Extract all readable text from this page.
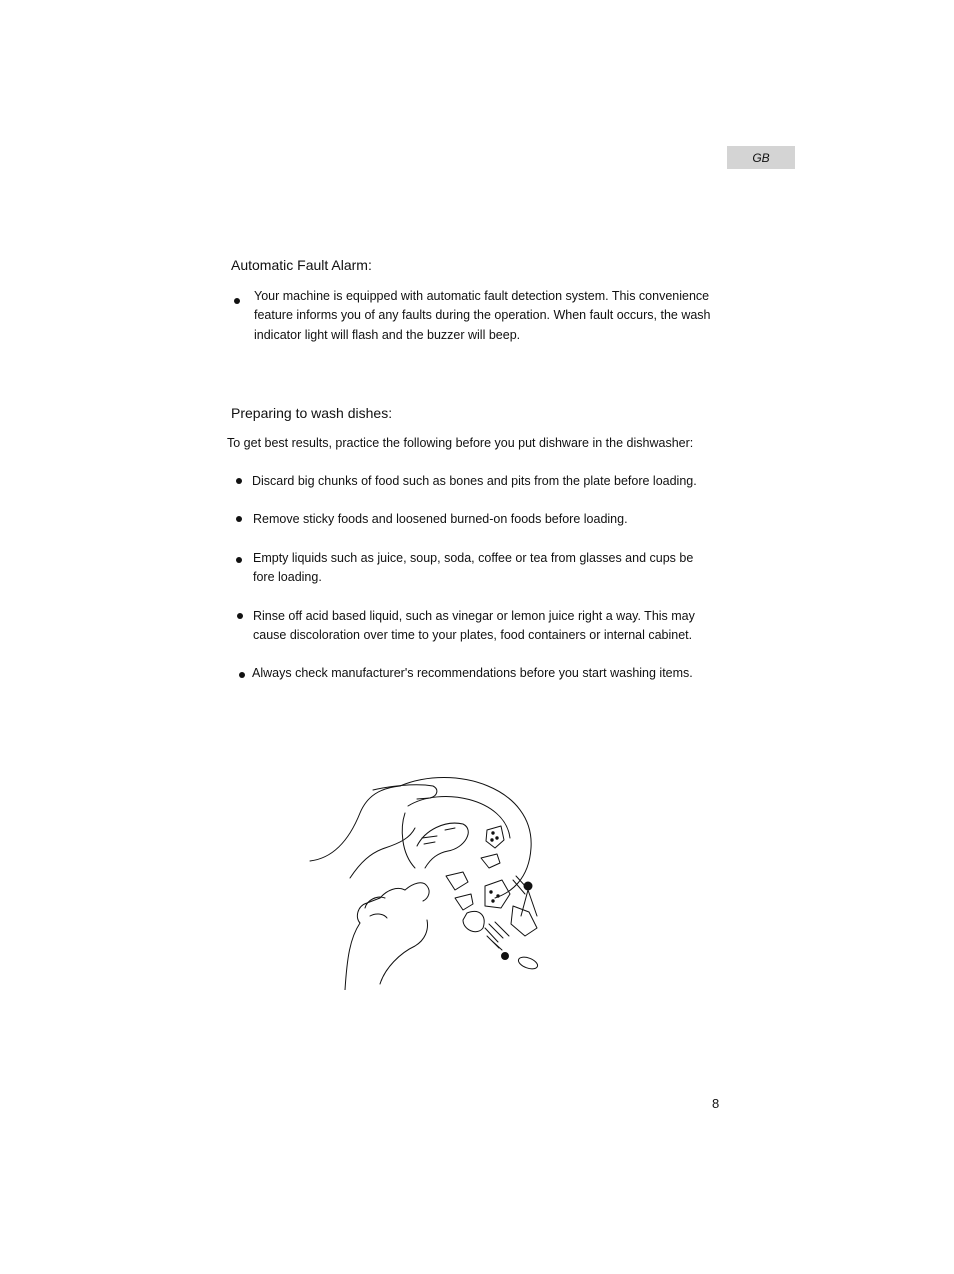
GB
Automatic Fault Alarm:
Your machine is equipped with automatic fault detection system. This convenience
feature informs you of any faults during the operation. When fault occurs, the wash
indicator light will flash and the buzzer will beep.
Preparing to wash dishes:
To get best results, practice the following before you put dishware in the dishwasher:
Discard big chunks of food such as bones and pits from the plate before loading.
Remove sticky foods and loosened burned-on foods before loading.
Empty liquids such as juice, soup, soda, coffee or tea from glasses and cups be
fore loading.
Rinse off acid based liquid, such as vinegar or lemon juice right a way. This may
cause discoloration over time to your plates, food containers or internal cabinet.
Always check manufacturer's recommendations before you start washing items.
8
